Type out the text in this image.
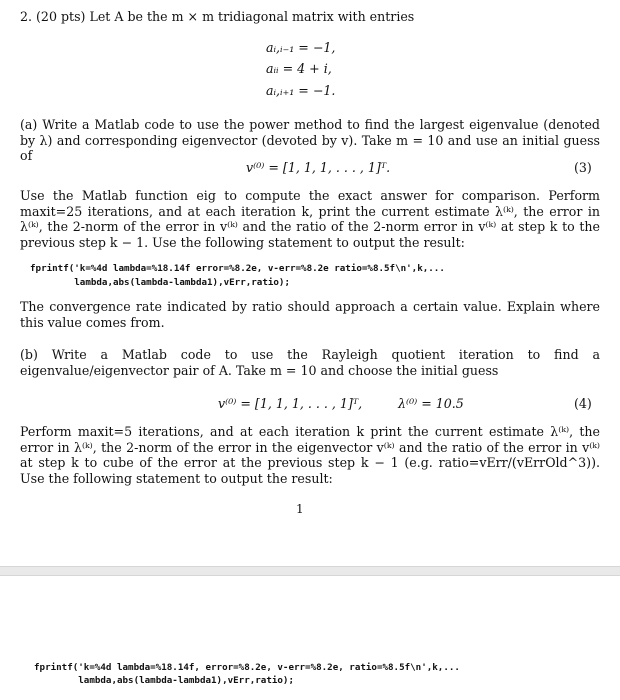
2. (20 pts) Let A be the m × m tridiagonal matrix with entries
aᵢ,ᵢ₋₁ = −1,
aᵢᵢ = 4 + i,
aᵢ,ᵢ₊₁ = −1.
(a) Write a Matlab code to use the power method to find the largest eigenvalue (denoted by λ) and corresponding eigenvector (devoted by v). Take m = 10 and use an initial guess of
v⁽⁰⁾ = [1, 1, 1, . . . , 1]ᵀ.	(3)
Use the Matlab function eig to compute the exact answer for comparison. Perform maxit=25 iterations, and at each iteration k, print the current estimate λ⁽ᵏ⁾, the error in λ⁽ᵏ⁾, the 2-norm of the error in v⁽ᵏ⁾ and the ratio of the 2-norm error in v⁽ᵏ⁾ at step k to the previous step k − 1. Use the following statement to output the result:
fprintf('k=%4d lambda=%18.14f error=%8.2e, v-err=%8.2e ratio=%8.5f\n',k,...
lambda,abs(lambda-lambda1),vErr,ratio);
The convergence rate indicated by ratio should approach a certain value. Explain where this value comes from.
(b) Write a Matlab code to use the Rayleigh quotient iteration to find a eigenvalue/eigenvector pair of A. Take m = 10 and choose the initial guess
v⁽⁰⁾ = [1, 1, 1, . . . , 1]ᵀ,	λ⁽⁰⁾ = 10.5	(4)
Perform maxit=5 iterations, and at each iteration k print the current estimate λ⁽ᵏ⁾, the error in λ⁽ᵏ⁾, the 2-norm of the error in the eigenvector v⁽ᵏ⁾ and the ratio of the error in v⁽ᵏ⁾ at step k to cube of the error at the previous step k − 1 (e.g. ratio=vErr/(vErrOld^3)). Use the following statement to output the result:
1
fprintf('k=%4d lambda=%18.14f, error=%8.2e, v-err=%8.2e, ratio=%8.5f\n',k,...
lambda,abs(lambda-lambda1),vErr,ratio);
